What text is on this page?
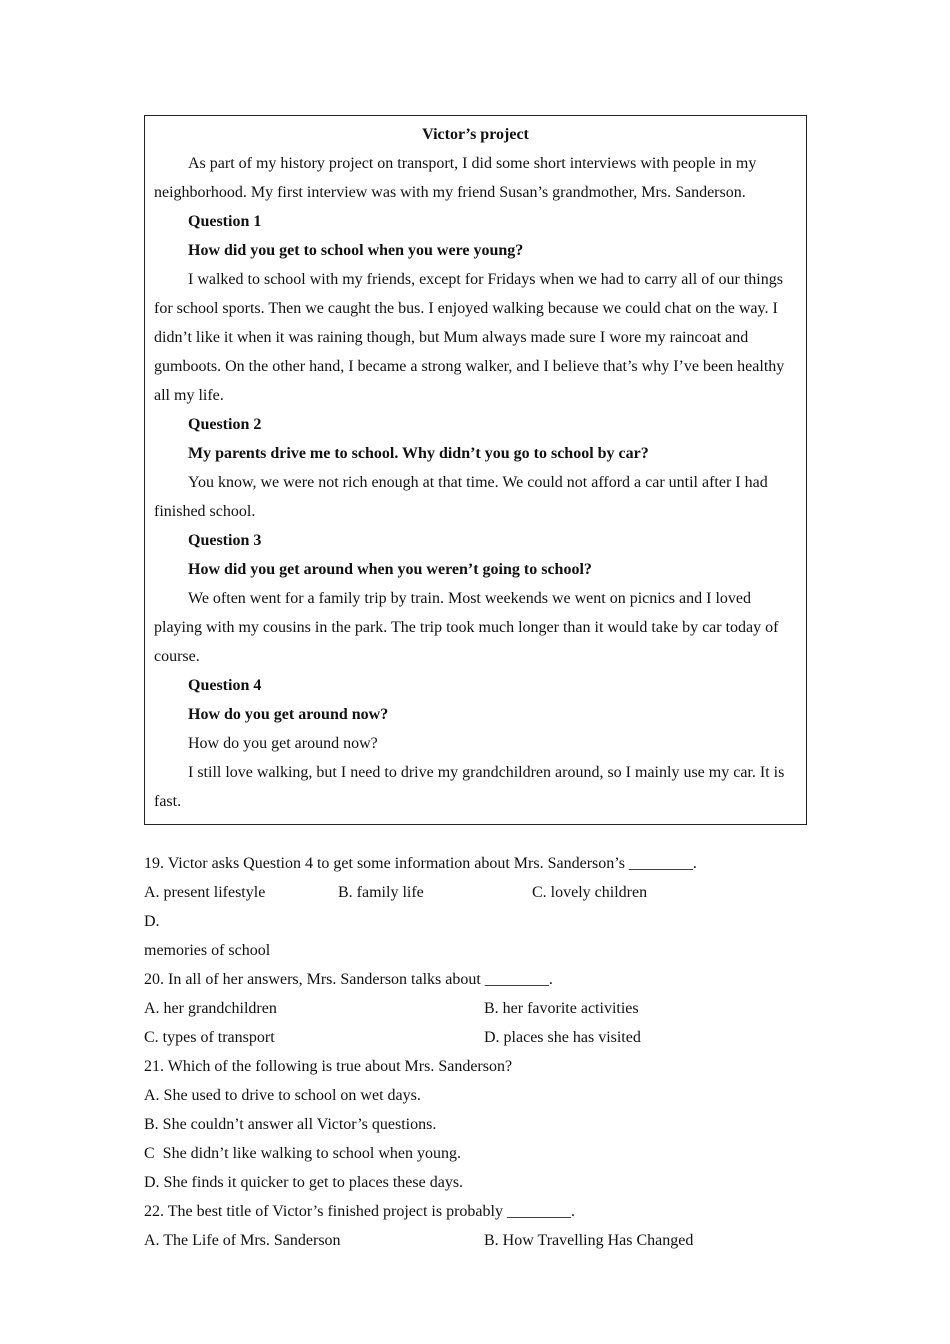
Victor’s project

As part of my history project on transport, I did some short interviews with people in my neighborhood. My first interview was with my friend Susan’s grandmother, Mrs. Sanderson.

Question 1

How did you get to school when you were young?

I walked to school with my friends, except for Fridays when we had to carry all of our things for school sports. Then we caught the bus. I enjoyed walking because we could chat on the way. I didn’t like it when it was raining though, but Mum always made sure I wore my raincoat and gumboots. On the other hand, I became a strong walker, and I believe that’s why I’ve been healthy all my life.

Question 2

My parents drive me to school. Why didn’t you go to school by car?

You know, we were not rich enough at that time. We could not afford a car until after I had finished school.

Question 3

How did you get around when you weren’t going to school?

We often went for a family trip by train. Most weekends we went on picnics and I loved playing with my cousins in the park. The trip took much longer than it would take by car today of course.

Question 4

How do you get around now?

How do you get around now?

I still love walking, but I need to drive my grandchildren around, so I mainly use my car. It is fast.

19. Victor asks Question 4 to get some information about Mrs. Sanderson’s ________.

A. present lifestyle	B. family life	C. lovely children
D.

memories of school

20. In all of her answers, Mrs. Sanderson talks about ________.

A. her grandchildren	B. her favorite activities
C. types of transport	D. places she has visited

21. Which of the following is true about Mrs. Sanderson?

A. She used to drive to school on wet days.

B. She couldn’t answer all Victor’s questions.

C  She didn’t like walking to school when young.

D. She finds it quicker to get to places these days.

22. The best title of Victor’s finished project is probably ________.

A. The Life of Mrs. Sanderson	B. How Travelling Has Changed
